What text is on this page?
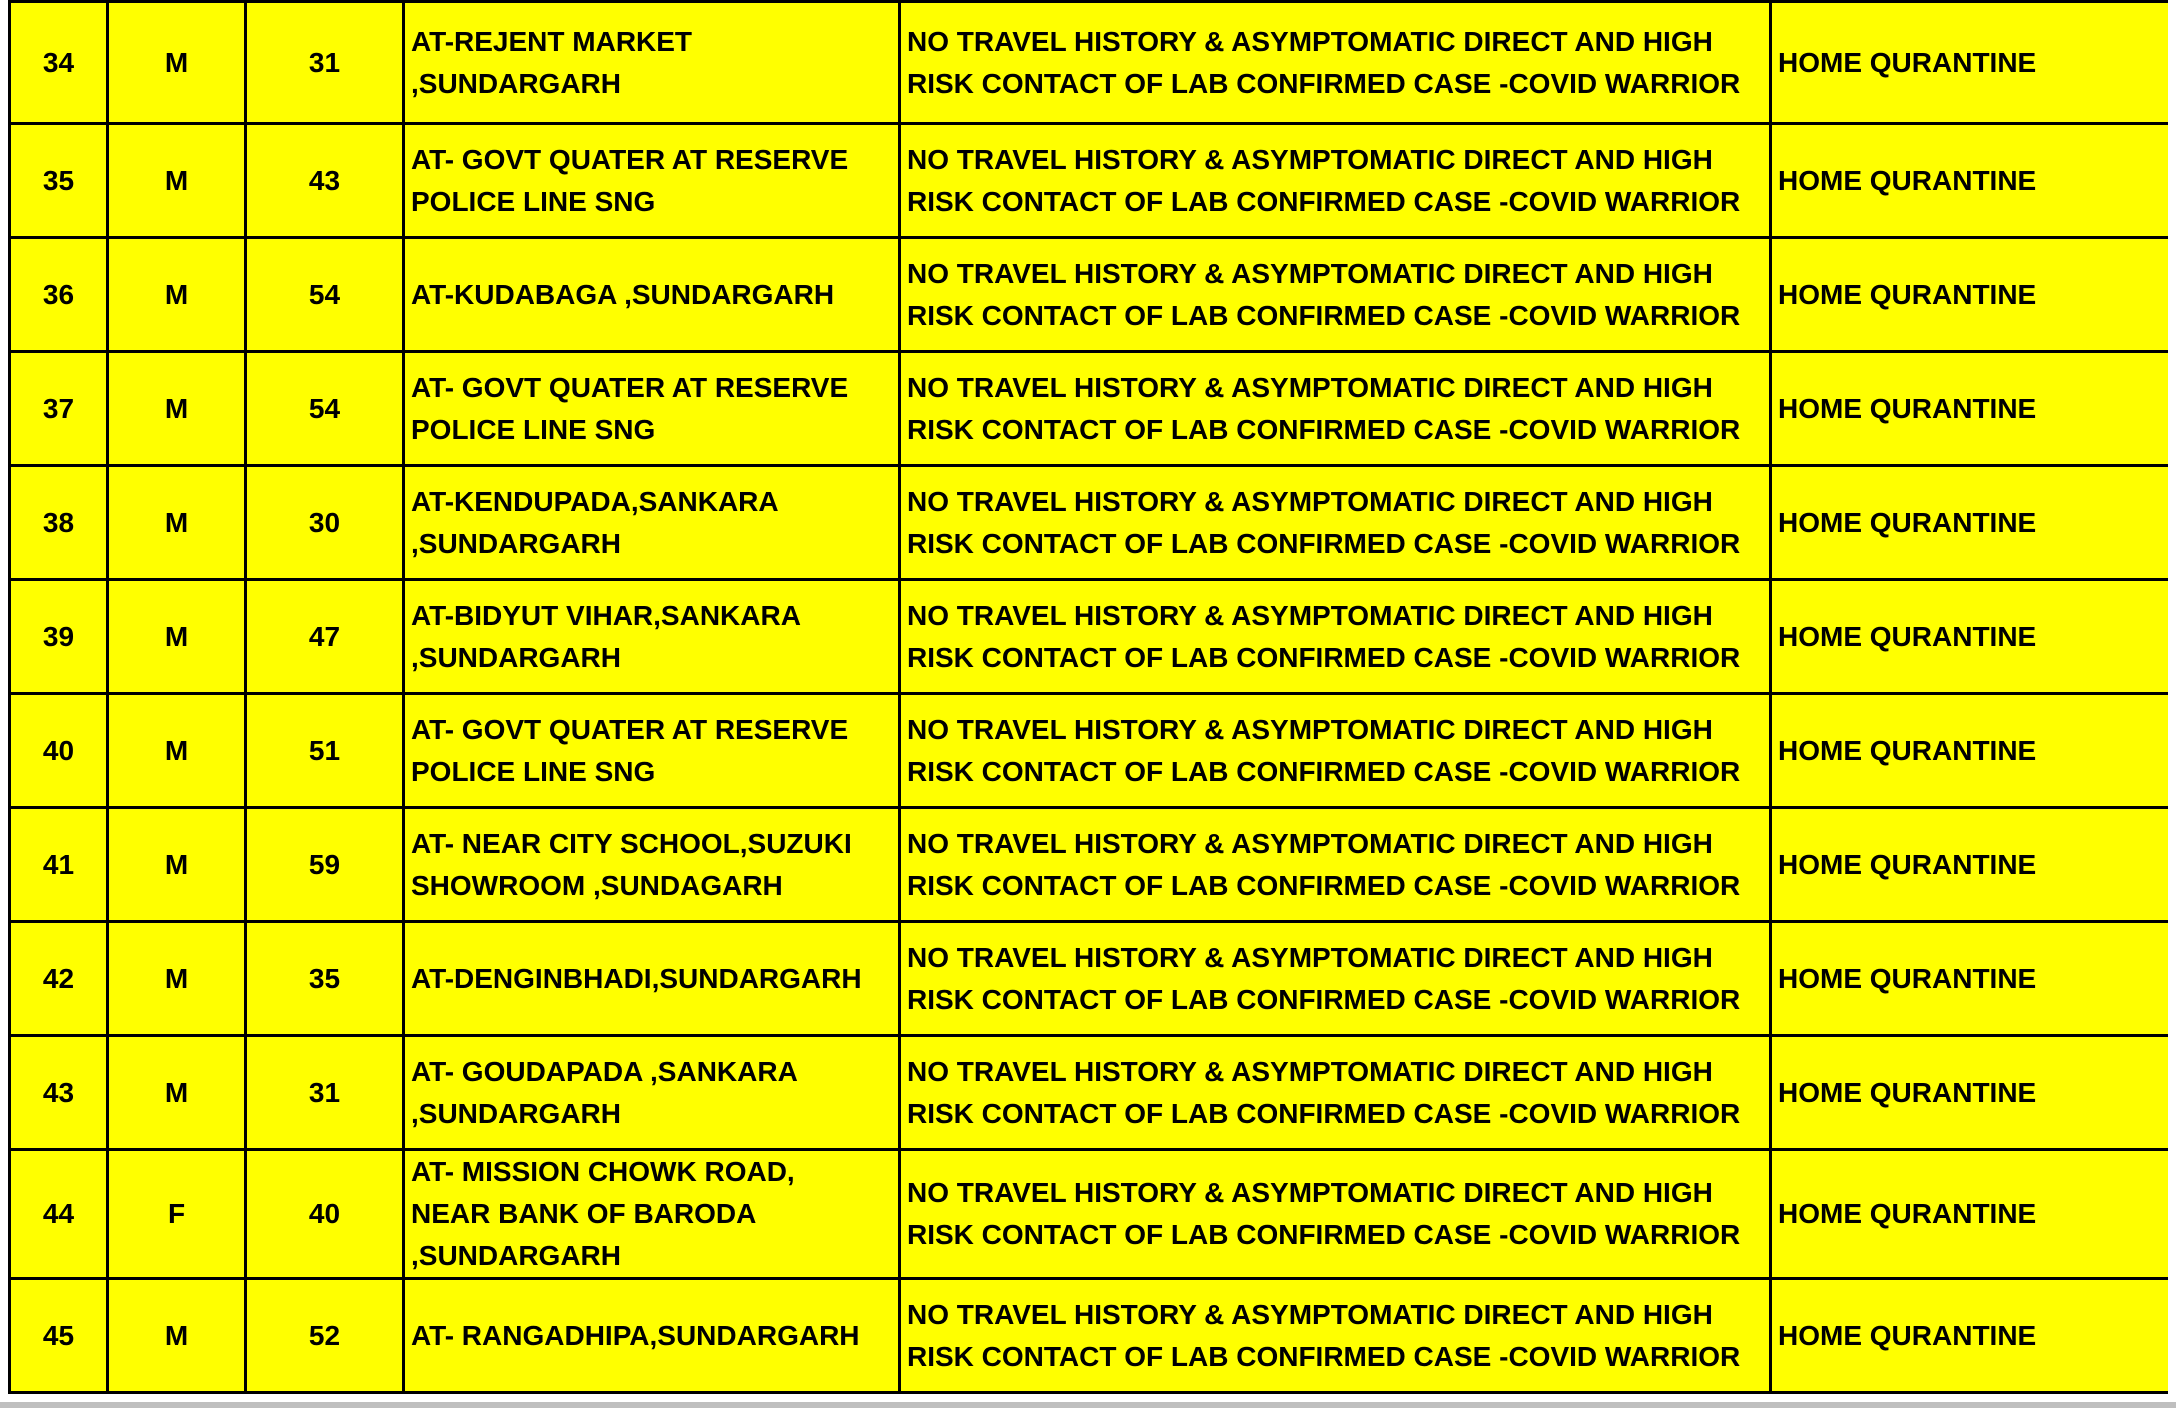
34	M	31	AT-REJENT MARKET ,SUNDARGARH	NO TRAVEL HISTORY & ASYMPTOMATIC DIRECT AND HIGH RISK CONTACT OF LAB CONFIRMED CASE -COVID WARRIOR	HOME QURANTINE
35	M	43	AT- GOVT QUATER AT RESERVE POLICE LINE SNG	NO TRAVEL HISTORY & ASYMPTOMATIC DIRECT AND HIGH RISK CONTACT OF LAB CONFIRMED CASE -COVID WARRIOR	HOME QURANTINE
36	M	54	AT-KUDABAGA ,SUNDARGARH	NO TRAVEL HISTORY & ASYMPTOMATIC DIRECT AND HIGH RISK CONTACT OF LAB CONFIRMED CASE -COVID WARRIOR	HOME QURANTINE
37	M	54	AT- GOVT QUATER AT RESERVE POLICE LINE SNG	NO TRAVEL HISTORY & ASYMPTOMATIC DIRECT AND HIGH RISK CONTACT OF LAB CONFIRMED CASE -COVID WARRIOR	HOME QURANTINE
38	M	30	AT-KENDUPADA,SANKARA ,SUNDARGARH	NO TRAVEL HISTORY & ASYMPTOMATIC DIRECT AND HIGH RISK CONTACT OF LAB CONFIRMED CASE -COVID WARRIOR	HOME QURANTINE
39	M	47	AT-BIDYUT VIHAR,SANKARA ,SUNDARGARH	NO TRAVEL HISTORY & ASYMPTOMATIC DIRECT AND HIGH RISK CONTACT OF LAB CONFIRMED CASE -COVID WARRIOR	HOME QURANTINE
40	M	51	AT- GOVT QUATER AT RESERVE POLICE LINE SNG	NO TRAVEL HISTORY & ASYMPTOMATIC DIRECT AND HIGH RISK CONTACT OF LAB CONFIRMED CASE -COVID WARRIOR	HOME QURANTINE
41	M	59	AT- NEAR CITY SCHOOL,SUZUKI SHOWROOM ,SUNDAGARH	NO TRAVEL HISTORY & ASYMPTOMATIC DIRECT AND HIGH RISK CONTACT OF LAB CONFIRMED CASE -COVID WARRIOR	HOME QURANTINE
42	M	35	AT-DENGINBHADI,SUNDARGARH	NO TRAVEL HISTORY & ASYMPTOMATIC DIRECT AND HIGH RISK CONTACT OF LAB CONFIRMED CASE -COVID WARRIOR	HOME QURANTINE
43	M	31	AT- GOUDAPADA ,SANKARA ,SUNDARGARH	NO TRAVEL HISTORY & ASYMPTOMATIC DIRECT AND HIGH RISK CONTACT OF LAB CONFIRMED CASE -COVID WARRIOR	HOME QURANTINE
44	F	40	AT- MISSION CHOWK ROAD, NEAR BANK OF BARODA ,SUNDARGARH	NO TRAVEL HISTORY & ASYMPTOMATIC DIRECT AND HIGH RISK CONTACT OF LAB CONFIRMED CASE -COVID WARRIOR	HOME QURANTINE
45	M	52	AT- RANGADHIPA,SUNDARGARH	NO TRAVEL HISTORY & ASYMPTOMATIC DIRECT AND HIGH RISK CONTACT OF LAB CONFIRMED CASE -COVID WARRIOR	HOME QURANTINE
